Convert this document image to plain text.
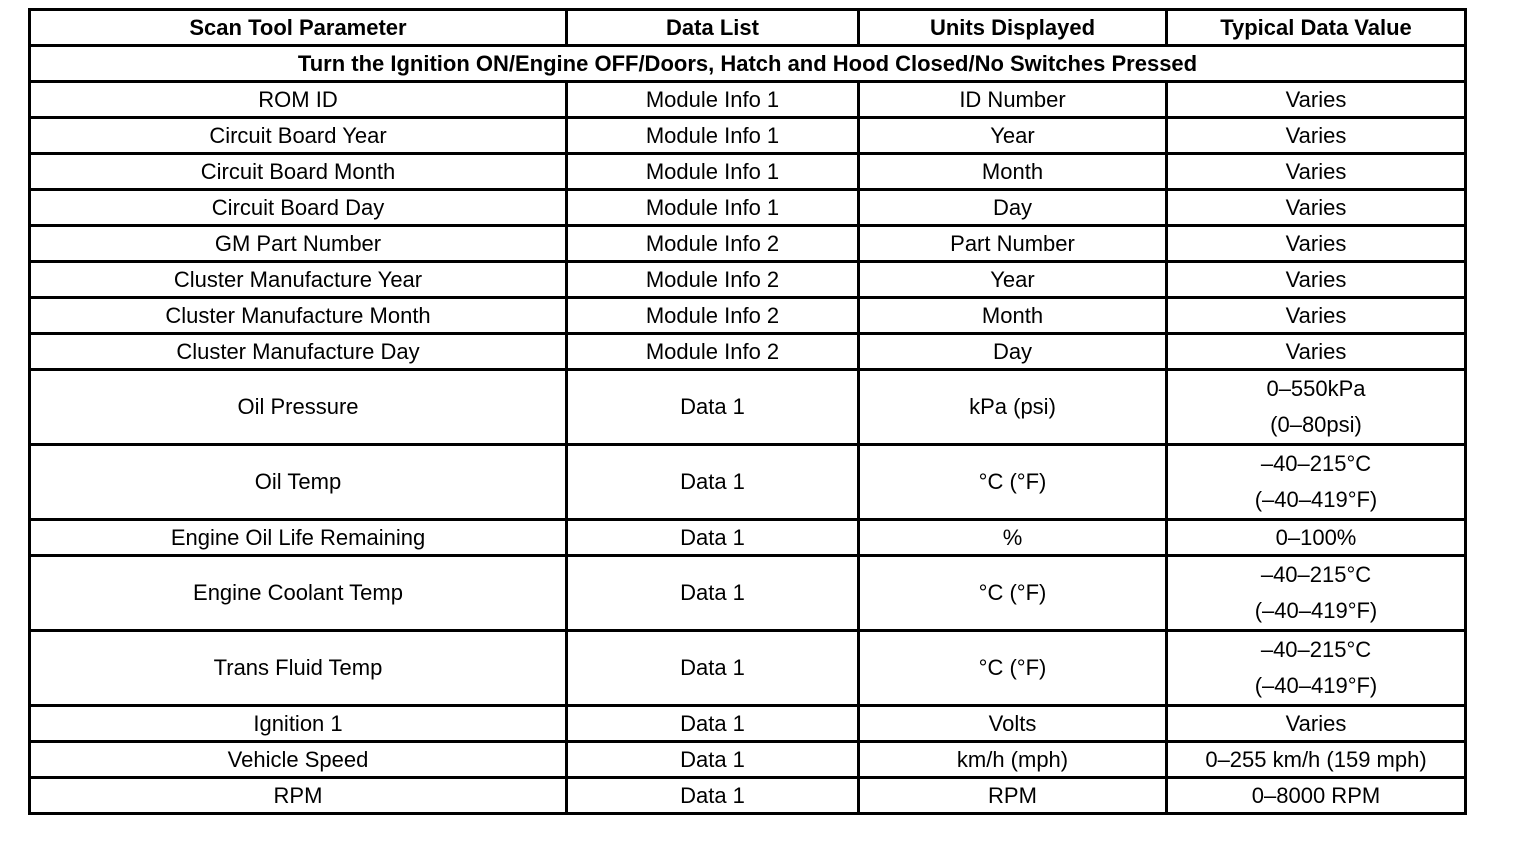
Scan Tool Parameter	Data List	Units Displayed	Typical Data Value
Turn the Ignition ON/Engine OFF/Doors, Hatch and Hood Closed/No Switches Pressed			
ROM ID	Module Info 1	ID Number	Varies

Circuit Board Year	Module Info 1	Year	Varies

Circuit Board Month	Module Info 1	Month	Varies

Circuit Board Day	Module Info 1	Day	Varies

GM Part Number	Module Info 2	Part Number	Varies

Cluster Manufacture Year	Module Info 2	Year	Varies

Cluster Manufacture Month	Module Info 2	Month	Varies

Cluster Manufacture Day	Module Info 2	Day	Varies

Oil Pressure	Data 1	kPa (psi)	0–550kPa
(0–80psi)

Oil Temp	Data 1	°C (°F)	–40–215°C
(–40–419°F)

Engine Oil Life Remaining	Data 1	%	0–100%

Engine Coolant Temp	Data 1	°C (°F)	–40–215°C
(–40–419°F)

Trans Fluid Temp	Data 1	°C (°F)	–40–215°C
(–40–419°F)

Ignition 1	Data 1	Volts	Varies

Vehicle Speed	Data 1	km/h (mph)	0–255 km/h (159 mph)

RPM	Data 1	RPM	0–8000 RPM
